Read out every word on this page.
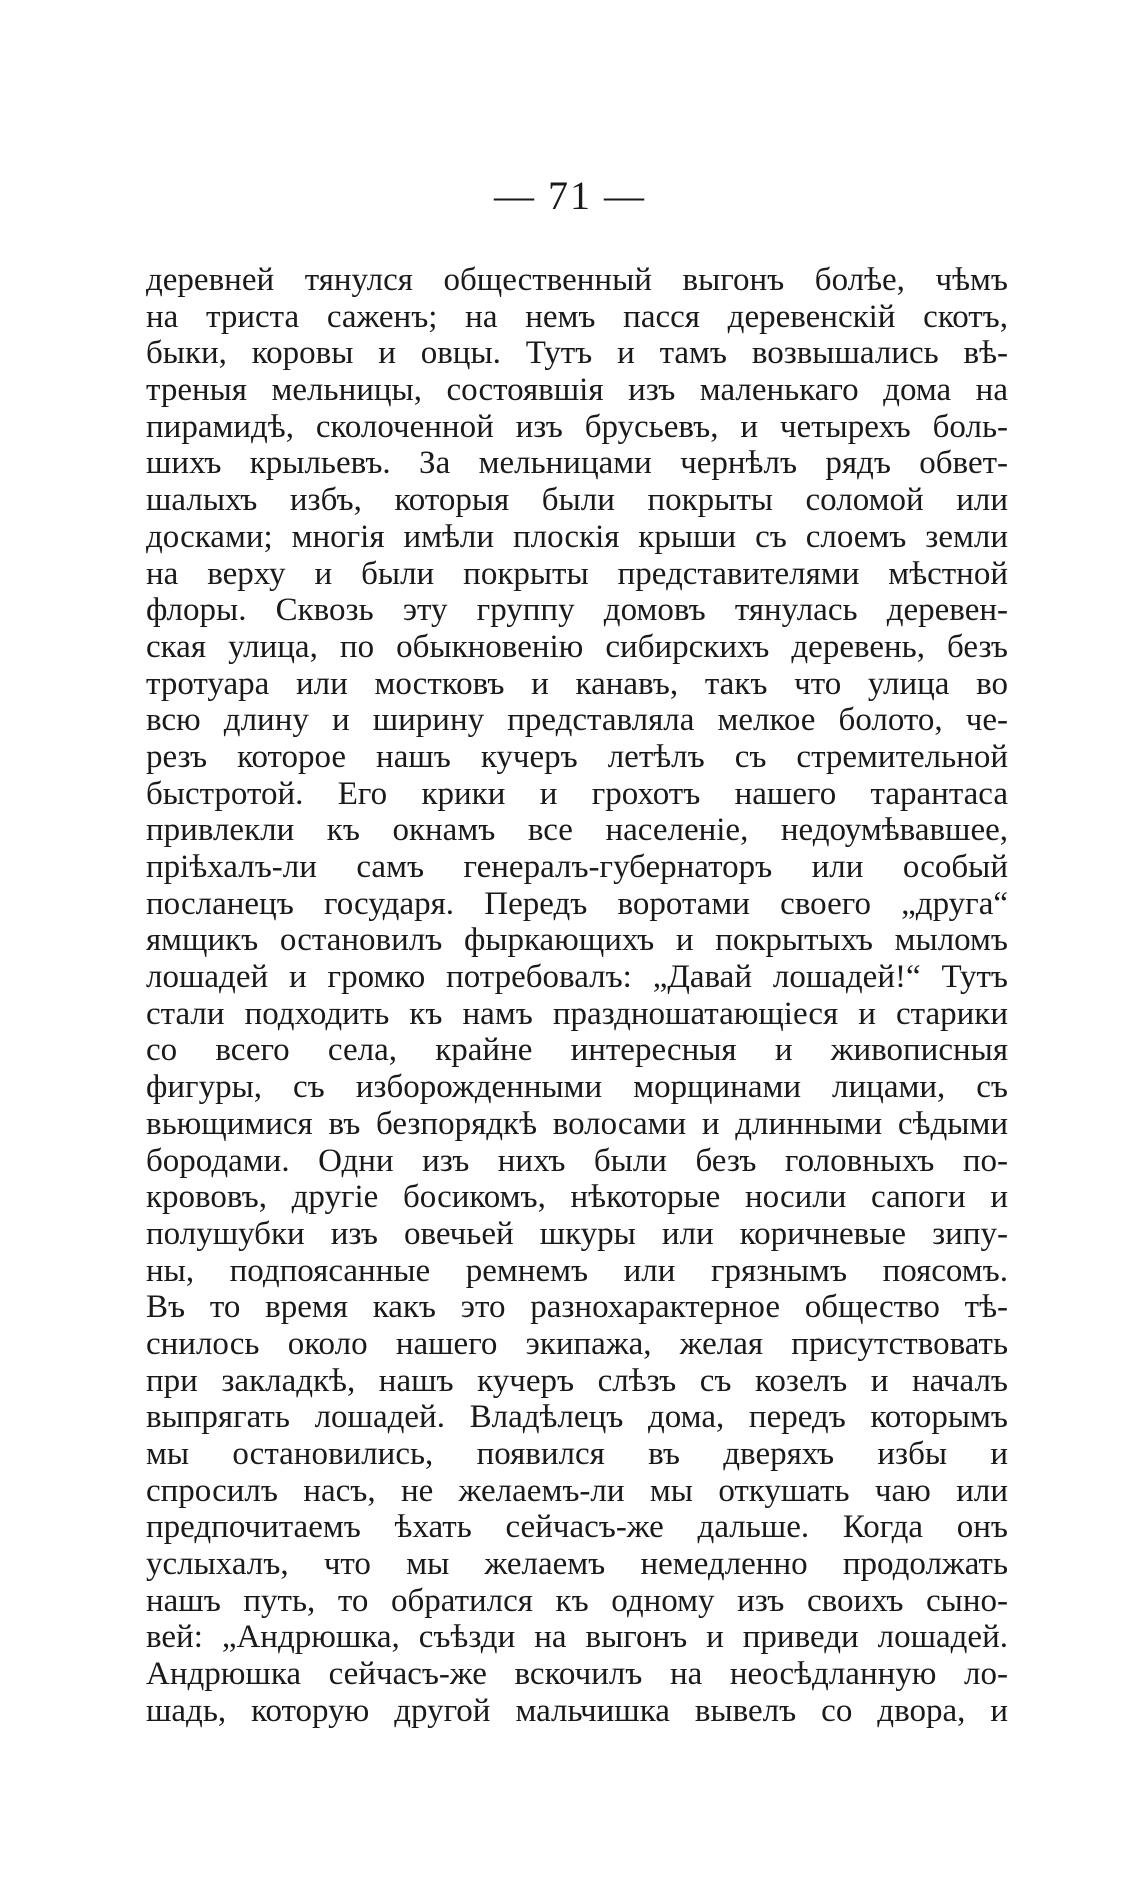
— 71 —
деревней тянулся общественный выгонъ болѣе, чѣмъ
на триста саженъ; на немъ пасся деревенскій скотъ,
быки, коровы и овцы. Тутъ и тамъ возвышались вѣ-
треныя мельницы, состоявшія изъ маленькаго дома на
пирамидѣ, сколоченной изъ брусьевъ, и четырехъ боль-
шихъ крыльевъ. За мельницами чернѣлъ рядъ обвет-
шалыхъ избъ, которыя были покрыты соломой или
досками; многія имѣли плоскія крыши съ слоемъ земли
на верху и были покрыты представителями мѣстной
флоры. Сквозь эту группу домовъ тянулась деревен-
ская улица, по обыкновенію сибирскихъ деревень, безъ
тротуара или мостковъ и канавъ, такъ что улица во
всю длину и ширину представляла мелкое болото, че-
резъ которое нашъ кучеръ летѣлъ съ стремительной
быстротой. Его крики и грохотъ нашего тарантаса
привлекли къ окнамъ все населеніе, недоумѣвавшее,
пріѣхалъ-ли самъ генералъ-губернаторъ или особый
посланецъ государя. Передъ воротами своего „друга“
ямщикъ остановилъ фыркающихъ и покрытыхъ мыломъ
лошадей и громко потребовалъ: „Давай лошадей!“ Тутъ
стали подходить къ намъ праздношатающіеся и старики
со всего села, крайне интересныя и живописныя
фигуры, съ изборожденными морщинами лицами, съ
вьющимися въ безпорядкѣ волосами и длинными сѣдыми
бородами. Одни изъ нихъ были безъ головныхъ по-
крововъ, другіе босикомъ, нѣкоторые носили сапоги и
полушубки изъ овечьей шкуры или коричневые зипу-
ны, подпоясанные ремнемъ или грязнымъ поясомъ.
Въ то время какъ это разнохарактерное общество тѣ-
снилось около нашего экипажа, желая присутствовать
при закладкѣ, нашъ кучеръ слѣзъ съ козелъ и началъ
выпрягать лошадей. Владѣлецъ дома, передъ которымъ
мы остановились, появился въ дверяхъ избы и
спросилъ насъ, не желаемъ-ли мы откушать чаю или
предпочитаемъ ѣхать сейчасъ-же дальше. Когда онъ
услыхалъ, что мы желаемъ немедленно продолжать
нашъ путь, то обратился къ одному изъ своихъ сыно-
вей: „Андрюшка, съѣзди на выгонъ и приведи лошадей.
Андрюшка сейчасъ-же вскочилъ на неосѣдланную ло-
шадь, которую другой мальчишка вывелъ со двора, и
